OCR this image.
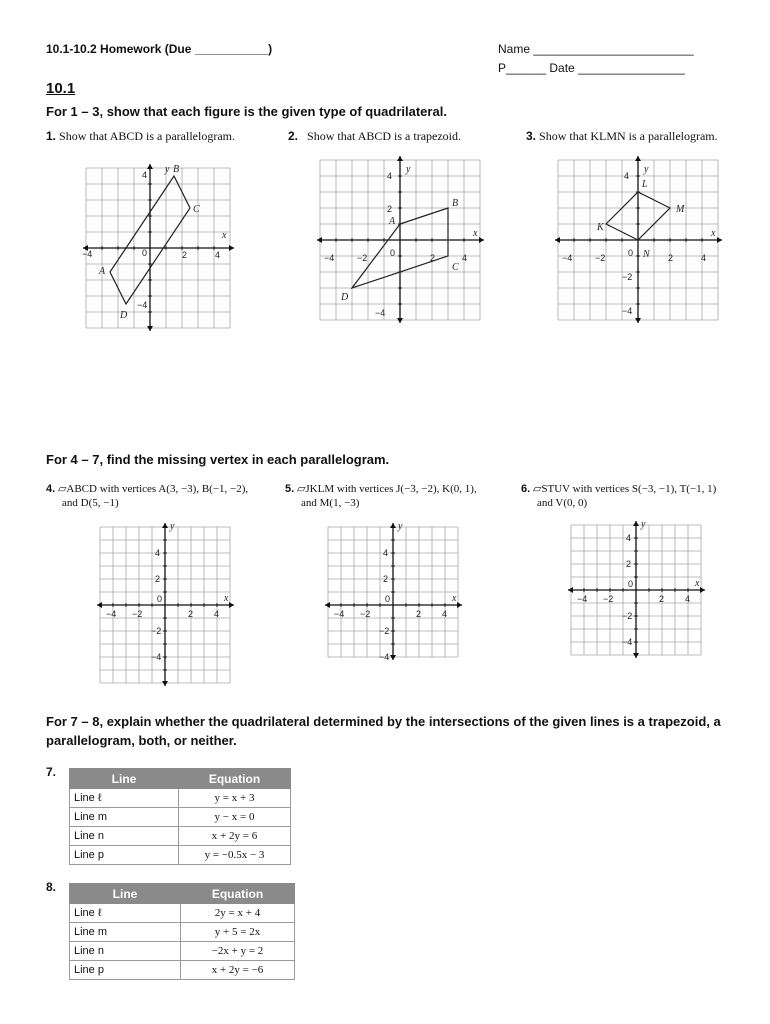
10.1-10.2 Homework (Due ___________)	Name ________________________
P______ Date ________________
10.1
For 1 – 3, show that each figure is the given type of quadrilateral.
1. Show that ABCD is a parallelogram.	2. Show that ABCD is a trapezoid.	3. Show that KLMN is a parallelogram.
4
−4
−4	2	4
0
x
y
A
B
C
D
4
2
−4
−4	−2	2	4
0
x
y
A
B
C
D
4
−2
−4
−4	−2	2	4
0
x
y
K
L
M
N
For 4 – 7, find the missing vertex in each parallelogram.
4. ▱ABCD with vertices A(3, −3), B(−1, −2),
and D(5, −1)
5. ▱JKLM with vertices J(−3, −2), K(0, 1),
and M(1, −3)
6. ▱STUV with vertices S(−3, −1), T(−1, 1)
and V(0, 0)
−4 −2	2 4
4
2
−2
−4
0	x
y
−4 −2	2 4
4
2
−2
−4
0	x
y
−4 −2	2 4
4
2
−2
−4
0	x
y
For 7 – 8, explain whether the quadrilateral determined by the intersections of the given lines is a trapezoid, a parallelogram, both, or neither.
7.	Line	Equation
Line ℓ	y = x + 3
Line m	y − x = 0
Line n	x + 2y = 6
Line p	y = −0.5x − 3
8.	Line	Equation
Line ℓ	2y = x + 4
Line m	y + 5 = 2x
Line n	−2x + y = 2
Line p	x + 2y = −6
